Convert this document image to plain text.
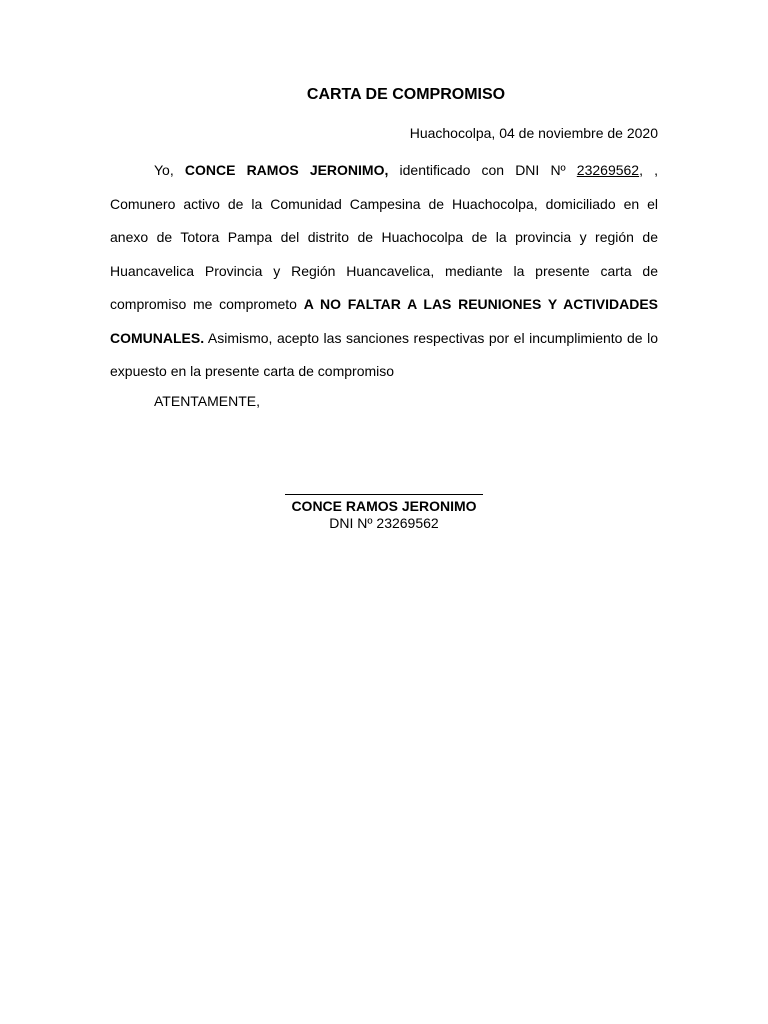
CARTA DE COMPROMISO
Huachocolpa, 04 de noviembre de 2020
Yo, CONCE RAMOS JERONIMO, identificado con DNI Nº 23269562, , Comunero activo de la Comunidad Campesina de Huachocolpa, domiciliado en el anexo de Totora Pampa del distrito de Huachocolpa de la provincia y región de Huancavelica Provincia y Región Huancavelica, mediante la presente carta de compromiso me comprometo A NO FALTAR A LAS REUNIONES Y ACTIVIDADES COMUNALES. Asimismo, acepto las sanciones respectivas por el incumplimiento de lo expuesto en la presente carta de compromiso
ATENTAMENTE,
CONCE RAMOS JERONIMO
DNI Nº 23269562
